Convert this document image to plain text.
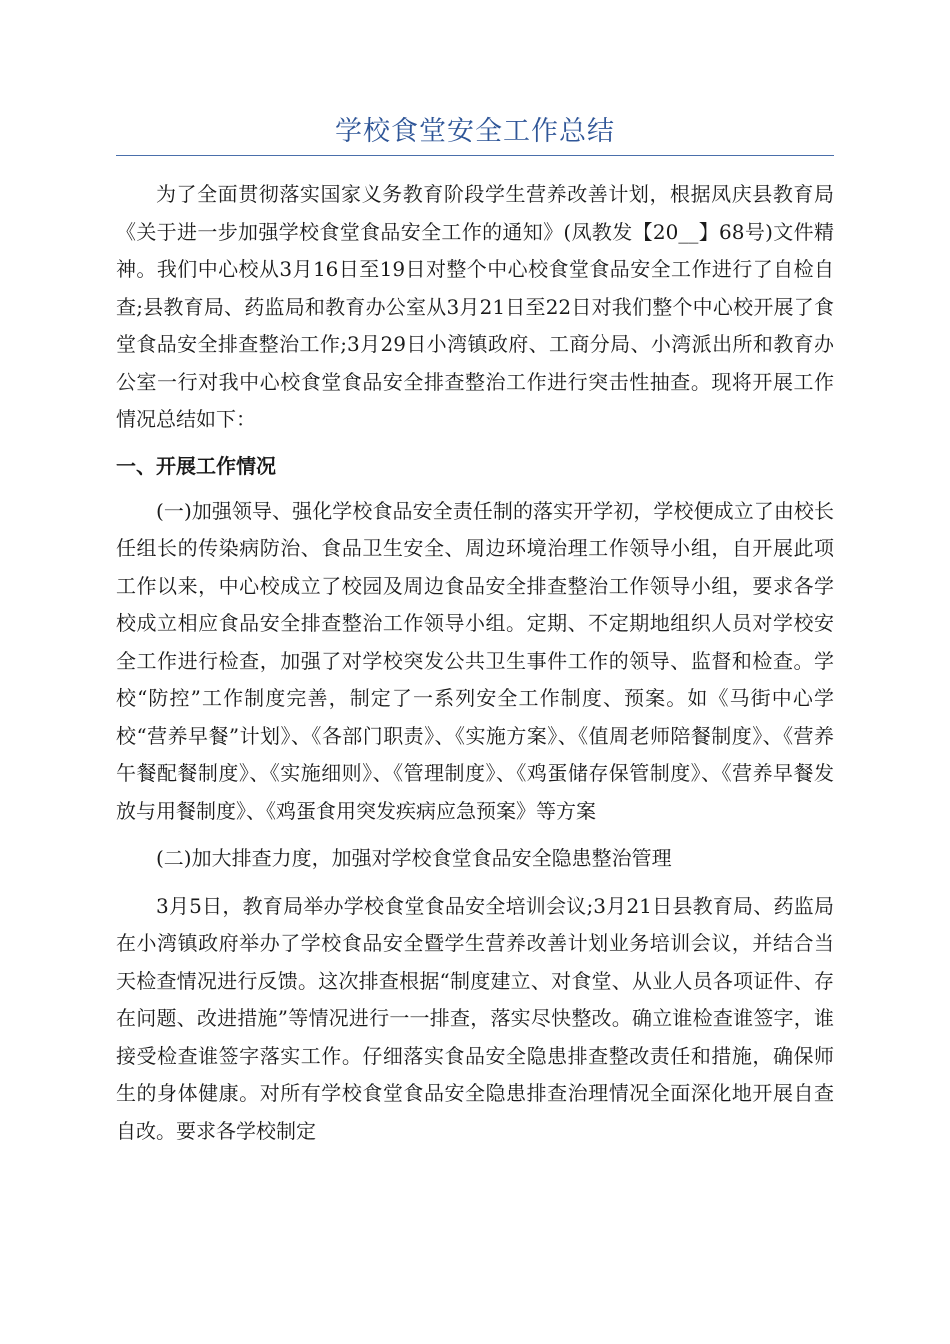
学校食堂安全工作总结

为了全面贯彻落实国家义务教育阶段学生营养改善计划，根据凤庆县教育局《关于进一步加强学校食堂食品安全工作的通知》(凤教发【20__】68号)文件精神。我们中心校从3月16日至19日对整个中心校食堂食品安全工作进行了自检自查;县教育局、药监局和教育办公室从3月21日至22日对我们整个中心校开展了食堂食品安全排查整治工作;3月29日小湾镇政府、工商分局、小湾派出所和教育办公室一行对我中心校食堂食品安全排查整治工作进行突击性抽查。现将开展工作情况总结如下：

一、开展工作情况

(一)加强领导、强化学校食品安全责任制的落实开学初，学校便成立了由校长任组长的传染病防治、食品卫生安全、周边环境治理工作领导小组，自开展此项工作以来，中心校成立了校园及周边食品安全排查整治工作领导小组，要求各学校成立相应食品安全排查整治工作领导小组。定期、不定期地组织人员对学校安全工作进行检查，加强了对学校突发公共卫生事件工作的领导、监督和检查。学校“防控”工作制度完善，制定了一系列安全工作制度、预案。如《马街中心学校“营养早餐”计划》、《各部门职责》、《实施方案》、《值周老师陪餐制度》、《营养午餐配餐制度》、《实施细则》、《管理制度》、《鸡蛋储存保管制度》、《营养早餐发放与用餐制度》、《鸡蛋食用突发疾病应急预案》等方案

(二)加大排查力度，加强对学校食堂食品安全隐患整治管理

3月5日，教育局举办学校食堂食品安全培训会议;3月21日县教育局、药监局在小湾镇政府举办了学校食品安全暨学生营养改善计划业务培训会议，并结合当天检查情况进行反馈。这次排查根据“制度建立、对食堂、从业人员各项证件、存在问题、改进措施”等情况进行一一排查，落实尽快整改。确立谁检查谁签字，谁接受检查谁签字落实工作。仔细落实食品安全隐患排查整改责任和措施，确保师生的身体健康。对所有学校食堂食品安全隐患排查治理情况全面深化地开展自查自改。要求各学校制定
